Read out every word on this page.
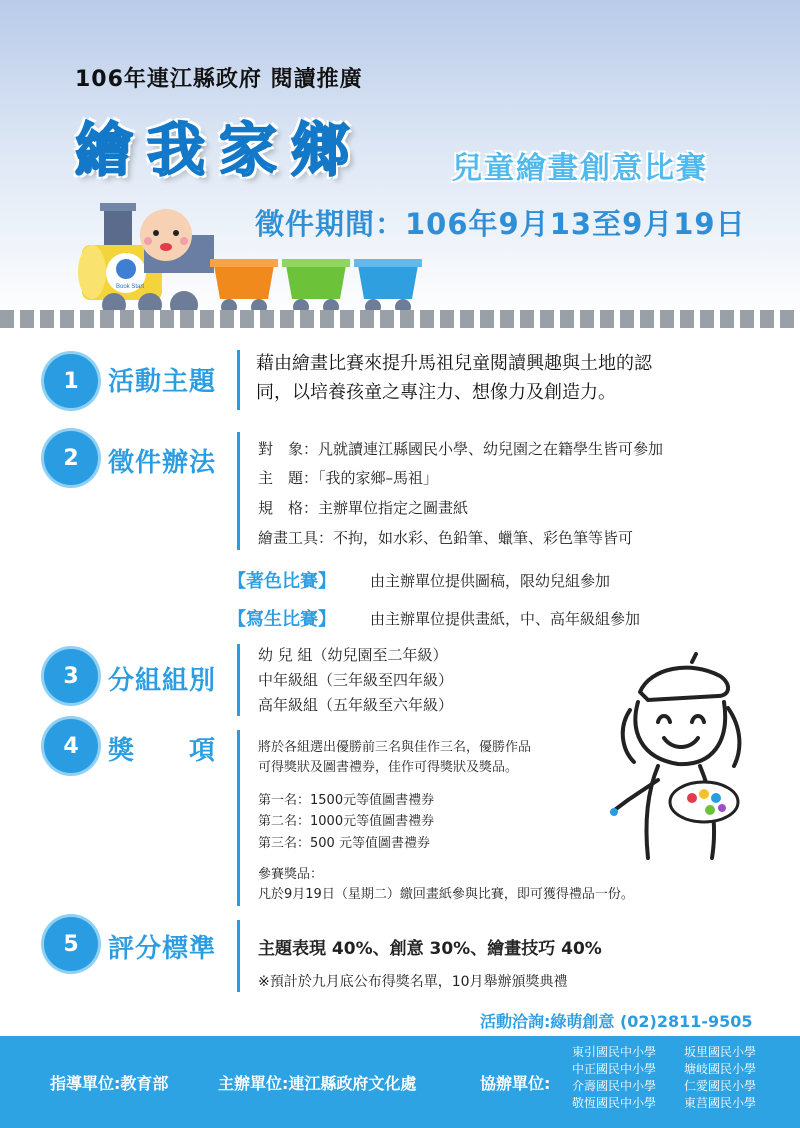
106年連江縣政府 閱讀推廣
繪我家鄉	兒童繪畫創意比賽
徵件期間：106年9月13至9月19日
Book Start
1	活動主題
藉由繪畫比賽來提升馬祖兒童閱讀興趣與土地的認
同，以培養孩童之專注力、想像力及創造力。
2	徵件辦法	對　象：凡就讀連江縣國民小學、幼兒園之在籍學生皆可參加
主　題：「我的家鄉–馬祖」
規　格：主辦單位指定之圖畫紙
繪畫工具：不拘，如水彩、色鉛筆、蠟筆、彩色筆等皆可
【著色比賽】 由主辦單位提供圖稿，限幼兒組參加
【寫生比賽】 由主辦單位提供畫紙，中、高年級組參加
3	分組組別
幼 兒 組（幼兒園至二年級）
中年級組（三年級至四年級）
高年級組（五年級至六年級）
4	獎　　項	將於各組選出優勝前三名與佳作三名，優勝作品
可得獎狀及圖書禮券，佳作可得獎狀及獎品。
第一名：1500元等值圖書禮券
第二名：1000元等值圖書禮券
第三名：500 元等值圖書禮券
參賽獎品：
凡於9月19日（星期二）繳回畫紙參與比賽，即可獲得禮品一份。
5	評分標準 主題表現 40%、創意 30%、繪畫技巧 40%
※預計於九月底公布得獎名單，10月舉辦頒獎典禮
活動洽詢:綠萌創意 (02)2811-9505
指導單位:教育部	主辦單位:連江縣政府文化處	協辦單位:
東引國民中小學
中正國民中小學
介壽國民中小學
敬恆國民中小學
坂里國民小學
塘岐國民小學
仁愛國民小學
東莒國民小學
